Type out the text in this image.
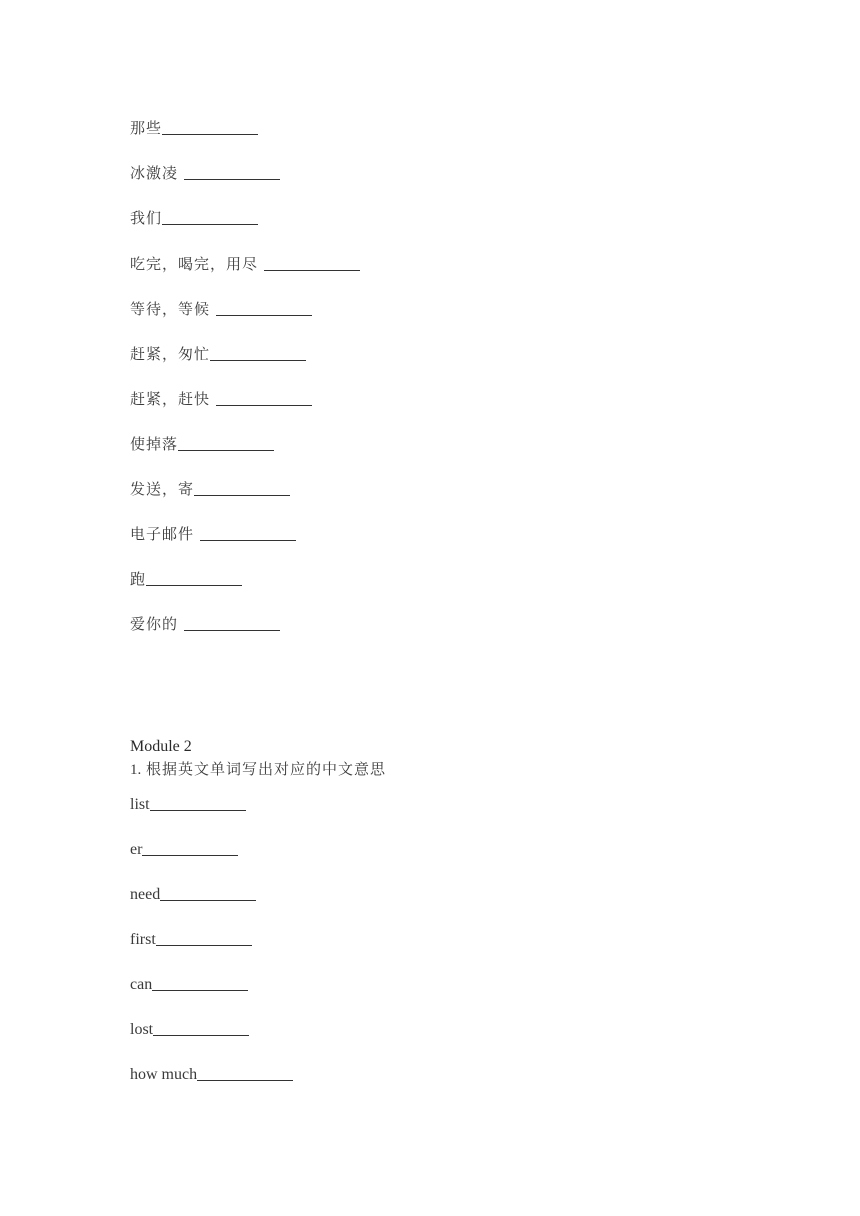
那些
冰激凌
我们
吃完，喝完，用尽
等待，等候
赶紧，匆忙
赶紧，赶快
使掉落
发送，寄
电子邮件
跑
爱你的
Module 2
1. 根据英文单词写出对应的中文意思
list
er
need
first
can
lost
how much
